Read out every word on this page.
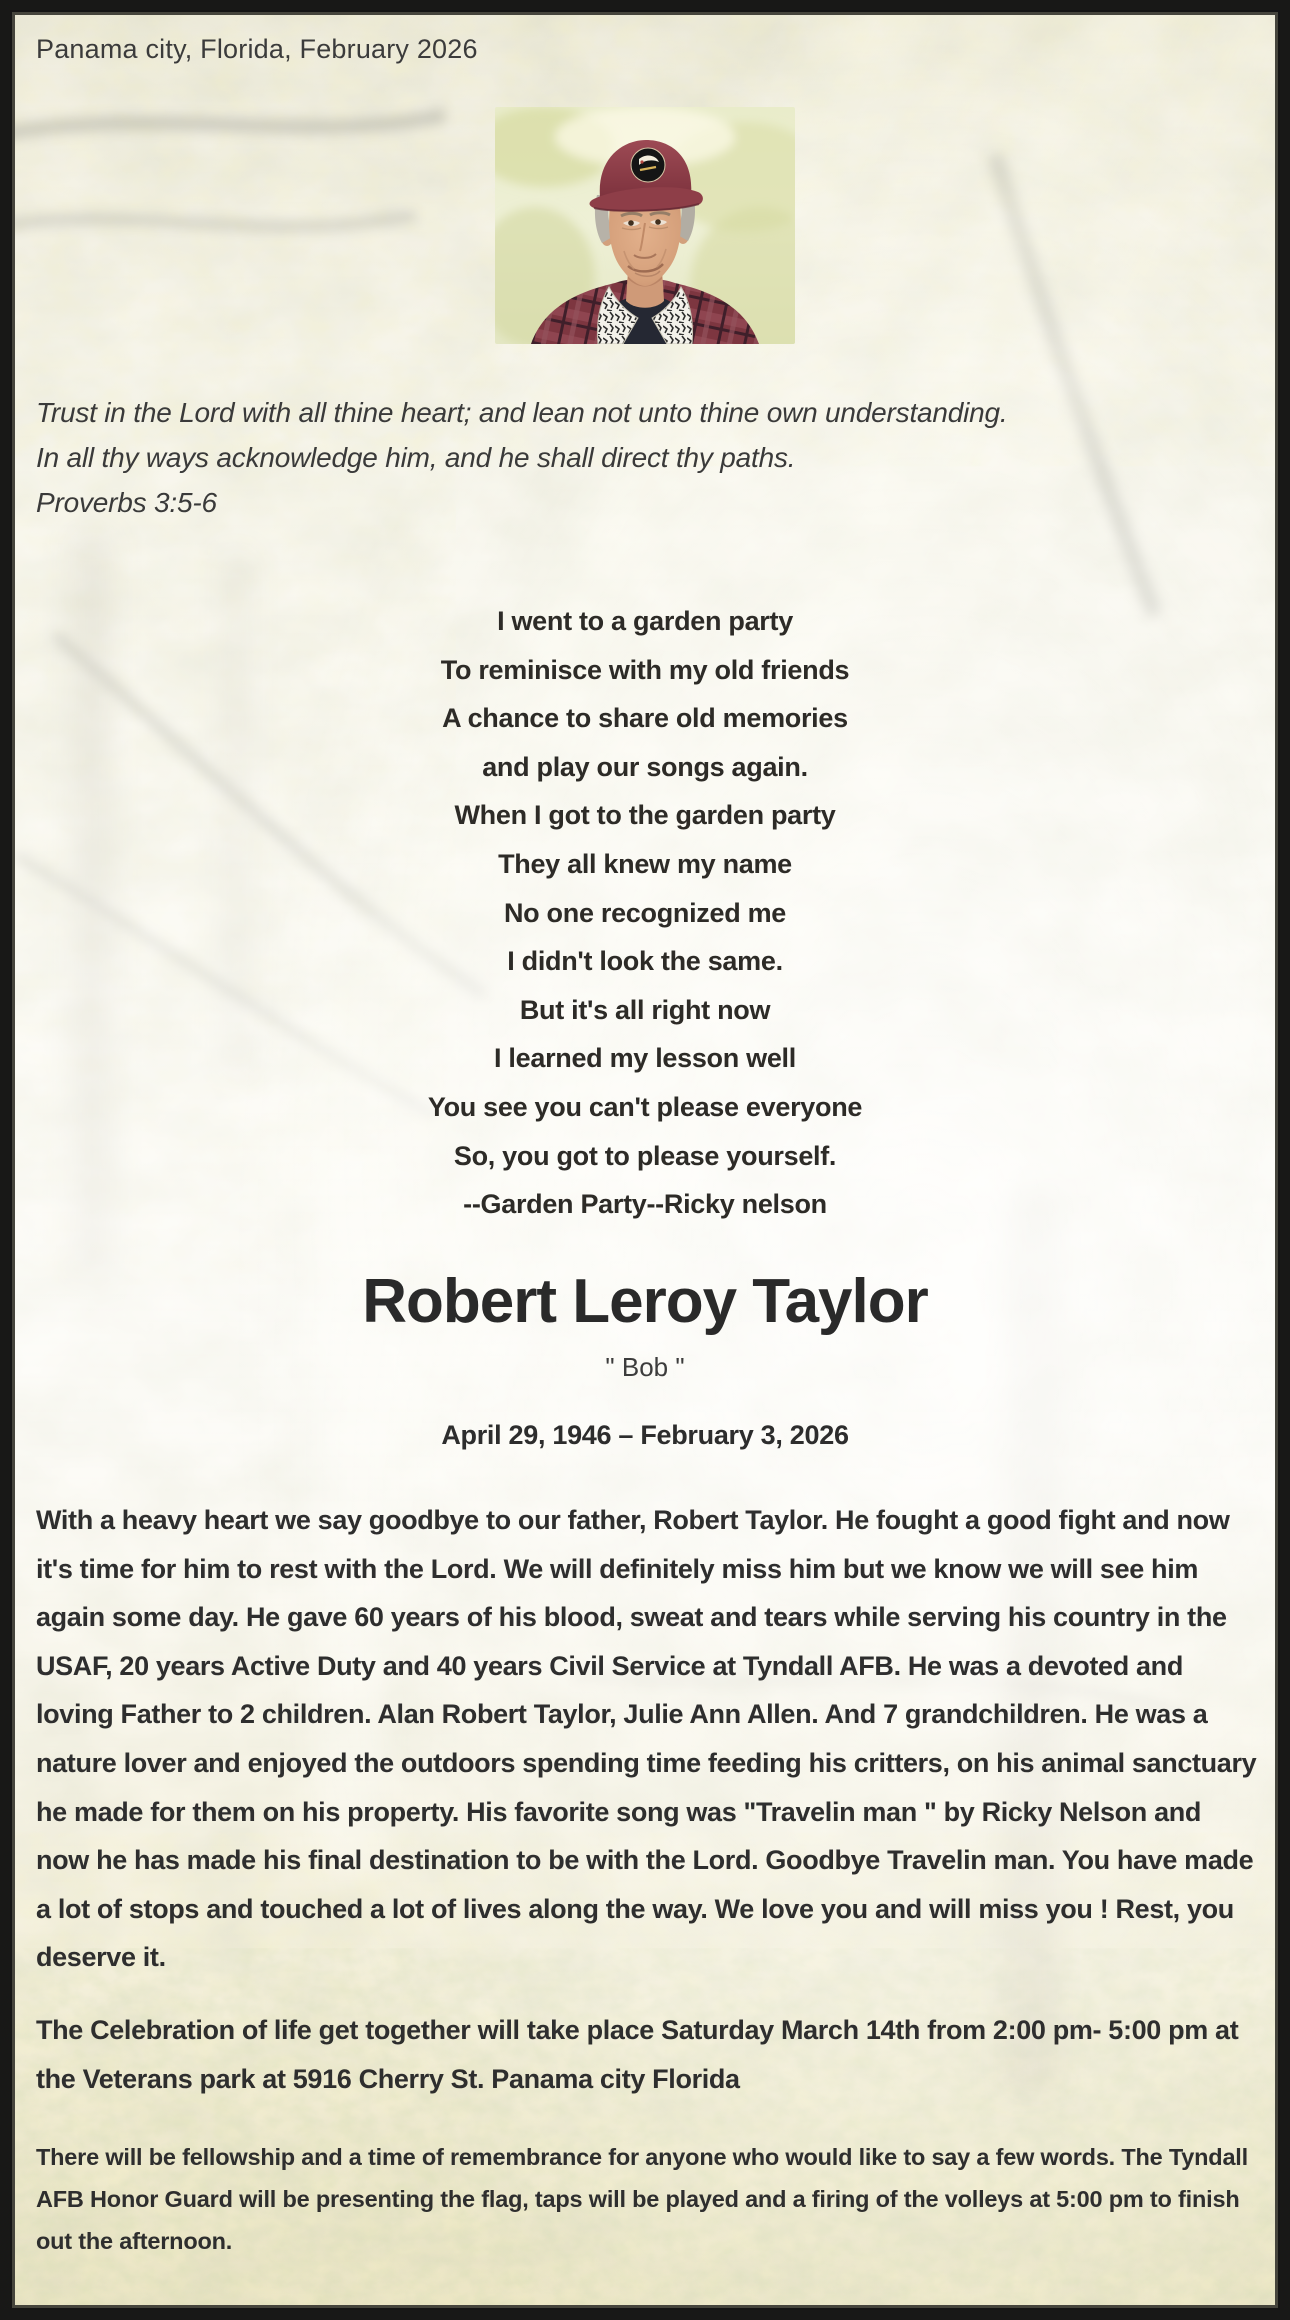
Panama city, Florida, February 2026
Trust in the Lord with all thine heart; and lean not unto thine own understanding.
In all thy ways acknowledge him, and he shall direct thy paths.
Proverbs 3:5-6
I went to a garden party
To reminisce with my old friends
A chance to share old memories
and play our songs again.
When I got to the garden party
They all knew my name
No one recognized me
I didn't look the same.
But it's all right now
I learned my lesson well
You see you can't please everyone
So, you got to please yourself.
--Garden Party--Ricky nelson
Robert Leroy Taylor
" Bob "
April 29, 1946 – February 3, 2026
With a heavy heart we say goodbye to our father, Robert Taylor. He fought a good fight and now it's time for him to rest with the Lord. We will definitely miss him but we know we will see him again some day. He gave 60 years of his blood, sweat and tears while serving his country in the USAF, 20 years Active Duty and 40 years Civil Service at Tyndall AFB. He was a devoted and loving Father to 2 children. Alan Robert Taylor, Julie Ann Allen. And 7 grandchildren. He was a nature lover and enjoyed the outdoors spending time feeding his critters, on his animal sanctuary he made for them on his property. His favorite song was "Travelin man " by Ricky Nelson and now he has made his final destination to be with the Lord. Goodbye Travelin man. You have made a lot of stops and touched a lot of lives along the way. We love you and will miss you ! Rest, you deserve it.
The Celebration of life get together will take place Saturday March 14th from 2:00 pm- 5:00 pm at the Veterans park at 5916 Cherry St. Panama city Florida
There will be fellowship and a time of remembrance for anyone who would like to say a few words. The Tyndall AFB Honor Guard will be presenting the flag, taps will be played and a firing of the volleys at 5:00 pm to finish out the afternoon.
